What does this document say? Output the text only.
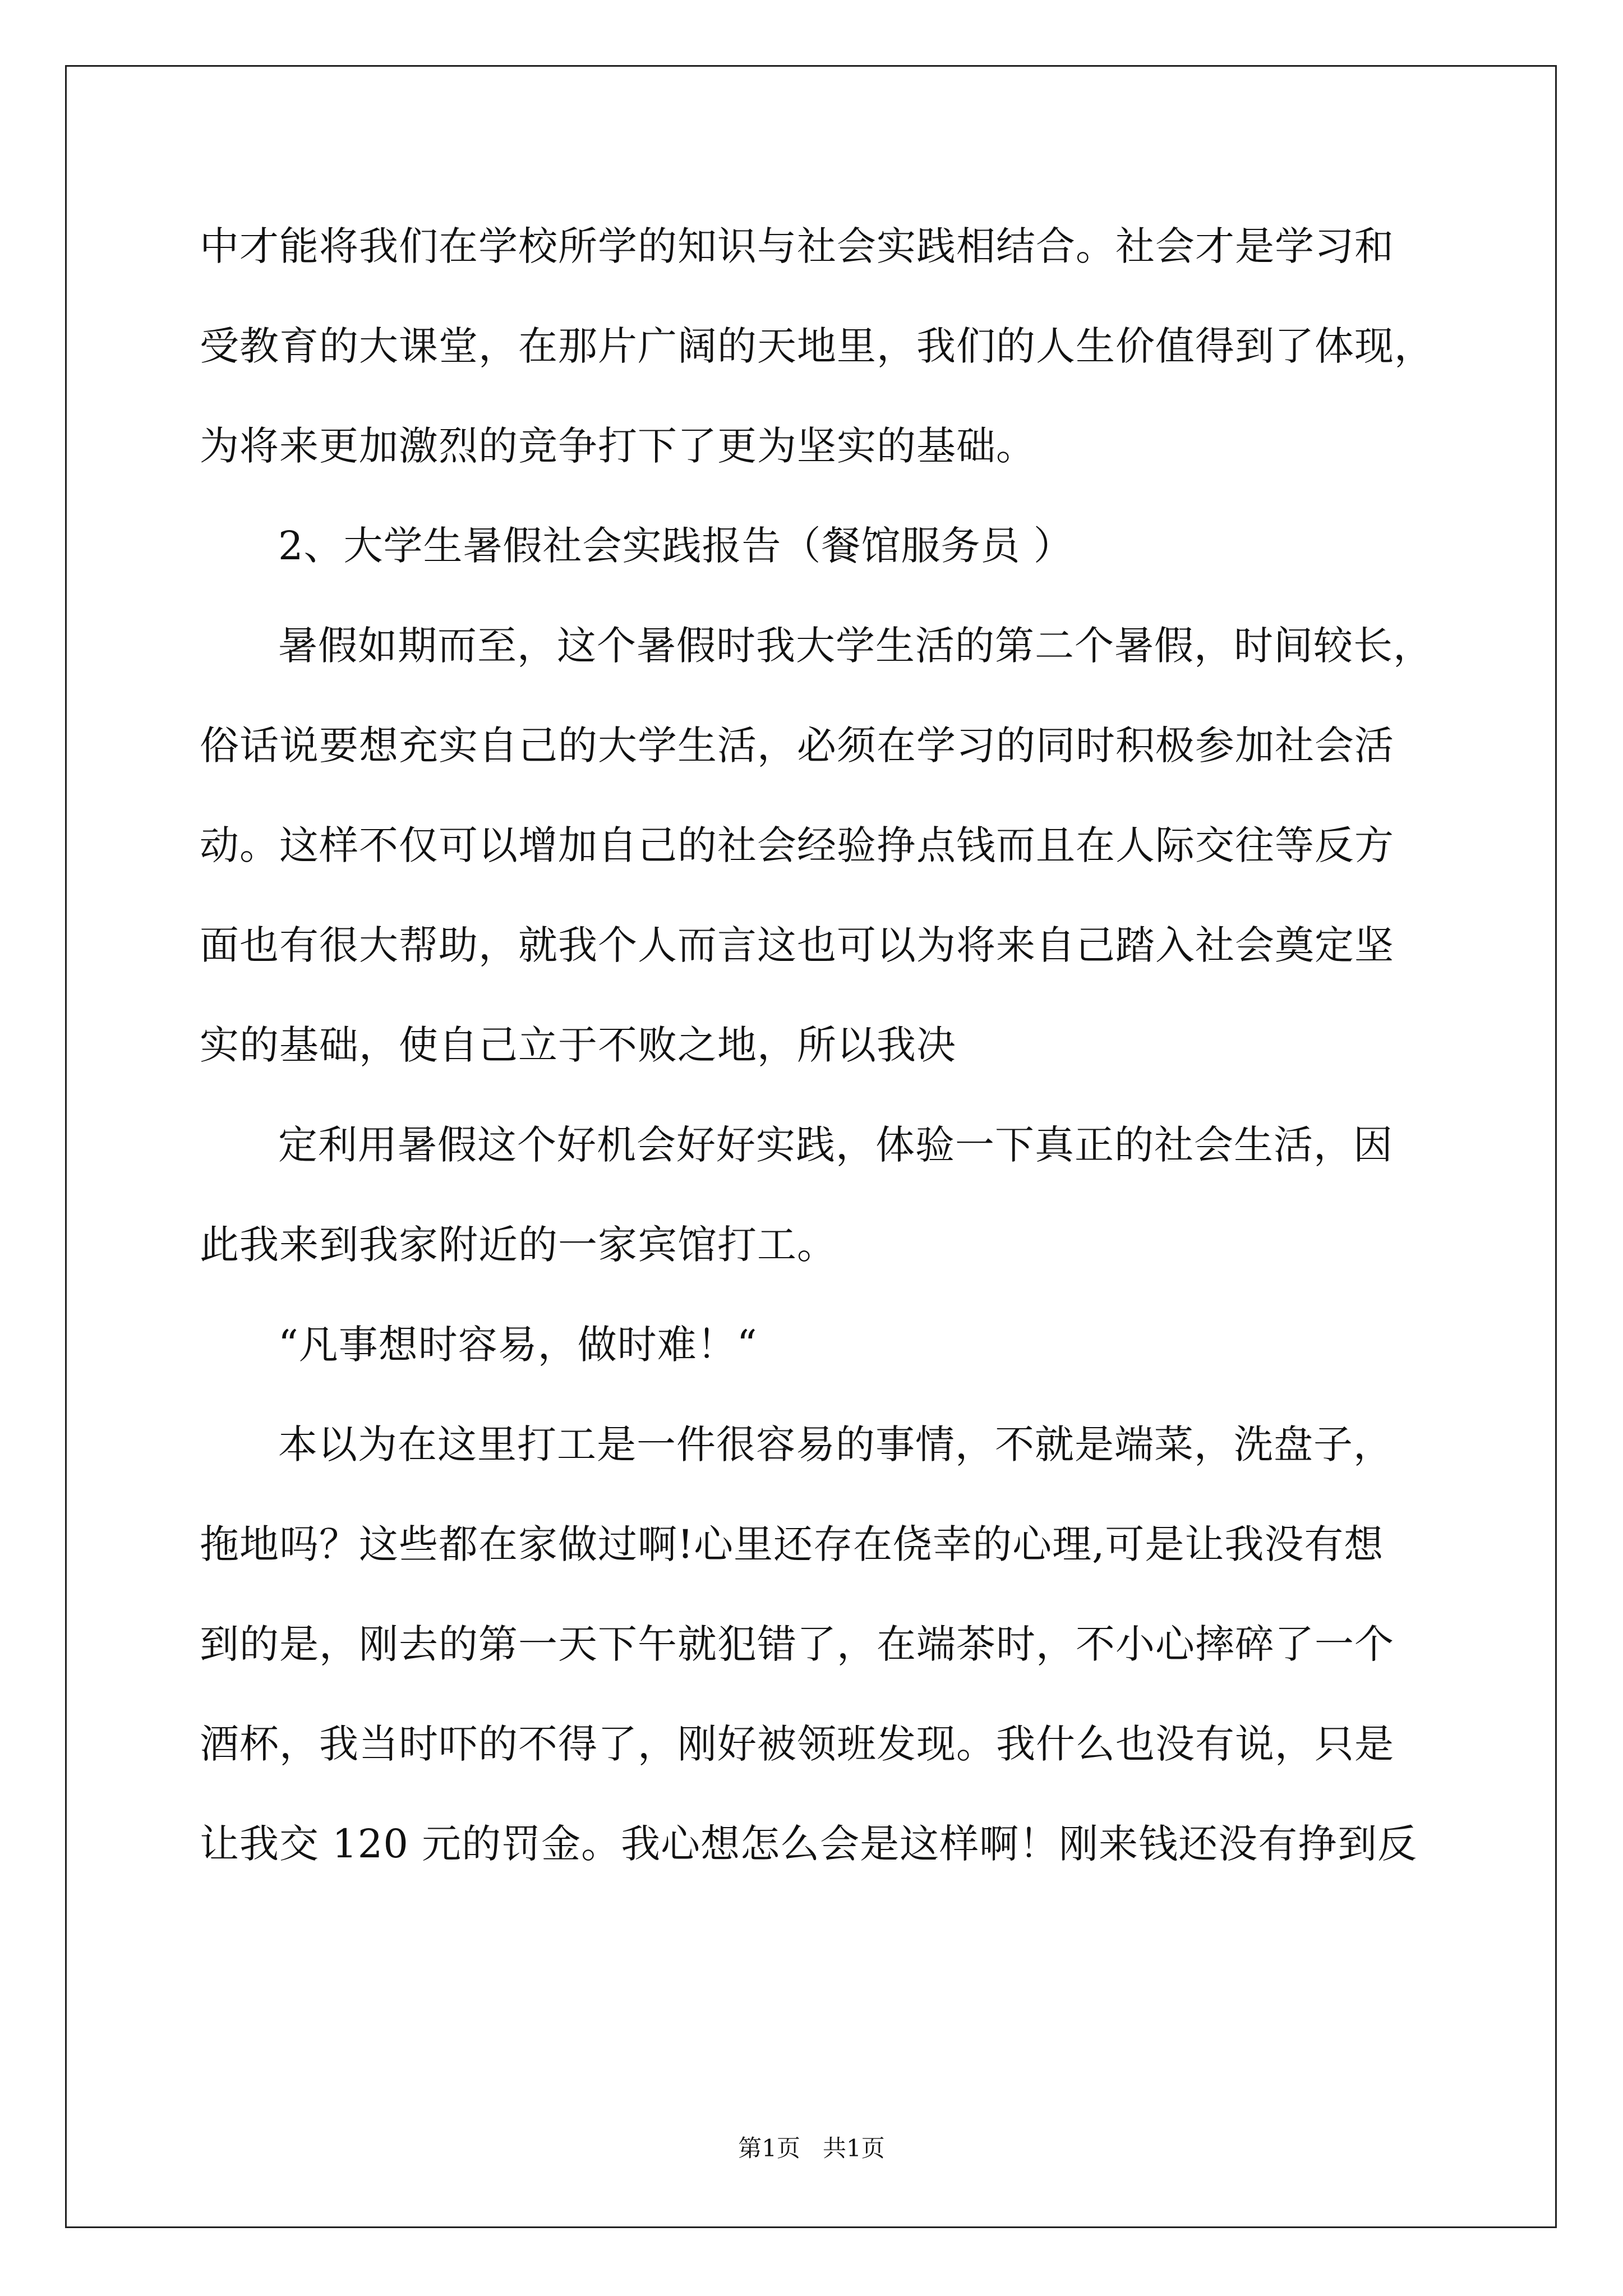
中才能将我们在学校所学的知识与社会实践相结合。社会才是学习和
受教育的大课堂，在那片广阔的天地里，我们的人生价值得到了体现，
为将来更加激烈的竞争打下了更为坚实的基础。
2、大学生暑假社会实践报告（餐馆服务员 ）
暑假如期而至，这个暑假时我大学生活的第二个暑假，时间较长，
俗话说要想充实自己的大学生活，必须在学习的同时积极参加社会活
动。这样不仅可以增加自己的社会经验挣点钱而且在人际交往等反方
面也有很大帮助，就我个人而言这也可以为将来自己踏入社会奠定坚
实的基础，使自己立于不败之地，所以我决
定利用暑假这个好机会好好实践，体验一下真正的社会生活，因
此我来到我家附近的一家宾馆打工。
“凡事想时容易，做时难！“
本以为在这里打工是一件很容易的事情，不就是端菜，洗盘子，
拖地吗？这些都在家做过啊!心里还存在侥幸的心理,可是让我没有想
到的是，刚去的第一天下午就犯错了，在端茶时，不小心摔碎了一个
酒杯，我当时吓的不得了，刚好被领班发现。我什么也没有说，只是
让我交 120 元的罚金。我心想怎么会是这样啊！刚来钱还没有挣到反
第1页   共1页
